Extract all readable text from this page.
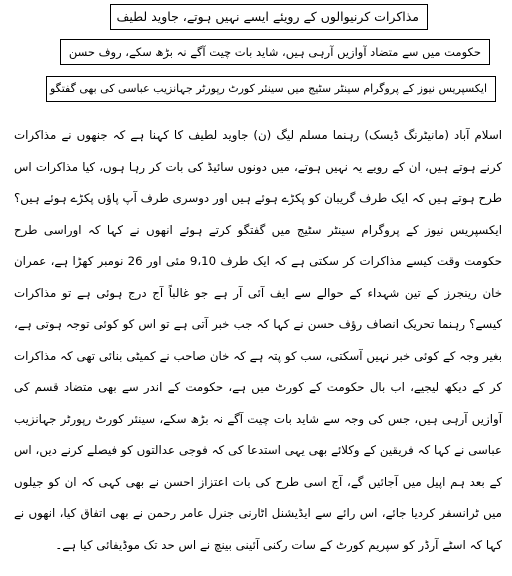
مذاکرات کرنیوالوں کے رویئے ایسے نہیں ہوتے، جاوید لطیف
حکومت میں سے متضاد آوازیں آرہی ہیں، شاید بات چیت آگے نہ بڑھ سکے، روف حسن
ایکسپریس نیوز کے پروگرام سینٹر سٹیج میں سینئر کورٹ رپورٹر جہانزیب عباسی کی بھی گفتگو

اسلام آباد (مانیٹرنگ ڈیسک) رہنما مسلم لیگ (ن) جاوید لطیف کا کہنا ہے کہ جنھوں نے مذاکرات کرنے ہوتے ہیں، ان کے رویے یہ نہیں ہوتے، میں دونوں سائیڈ کی بات کر رہا ہوں، کیا مذاکرات اس طرح ہوتے ہیں کہ ایک طرف گریبان کو پکڑے ہوئے ہیں اور دوسری طرف آپ پاؤں پکڑے ہوئے ہیں؟ ایکسپریس نیوز کے پروگرام سینٹر سٹیج میں گفتگو کرتے ہوئے انھوں نے کہا کہ اوراسی طرح حکومت وقت کیسے مذاکرات کر سکتی ہے کہ ایک طرف 9،10 مئی اور 26 نومبر کھڑا ہے، عمران خان رینجرز کے تین شہداء کے حوالے سے ایف آئی آر ہے جو غالباً آج درج ہوئی ہے تو مذاکرات کیسے؟ رہنما تحریک انصاف رؤف حسن نے کہا کہ جب خبر آتی ہے تو اس کو کوئی توجہ ہوتی ہے، بغیر وجہ کے کوئی خبر نہیں آسکتی، سب کو پتہ ہے کہ خان صاحب نے کمیٹی بنائی تھی کہ مذاکرات کر کے دیکھ لیجیے، اب بال حکومت کے کورٹ میں ہے، حکومت کے اندر سے بھی متضاد قسم کی آوازیں آرہی ہیں، جس کی وجہ سے شاید بات چیت آگے نہ بڑھ سکے، سینئر کورٹ رپورٹر جہانزیب عباسی نے کہا کہ فریقین کے وکلائے بھی یہی استدعا کی کہ فوجی عدالتوں کو فیصلے کرنے دیں، اس کے بعد ہم اپیل میں آجائیں گے، آج اسی طرح کی بات اعتزاز احسن نے بھی کہی کہ ان کو جیلوں میں ٹرانسفر کردیا جائے، اس رائے سے ایڈیشنل اٹارنی جنرل عامر رحمن نے بھی اتفاق کیا، انھوں نے کہا کہ اسٹے آرڈر کو سپریم کورٹ کے سات رکنی آئینی بینچ نے اس حد تک موڈیفائی کیا ہے۔
